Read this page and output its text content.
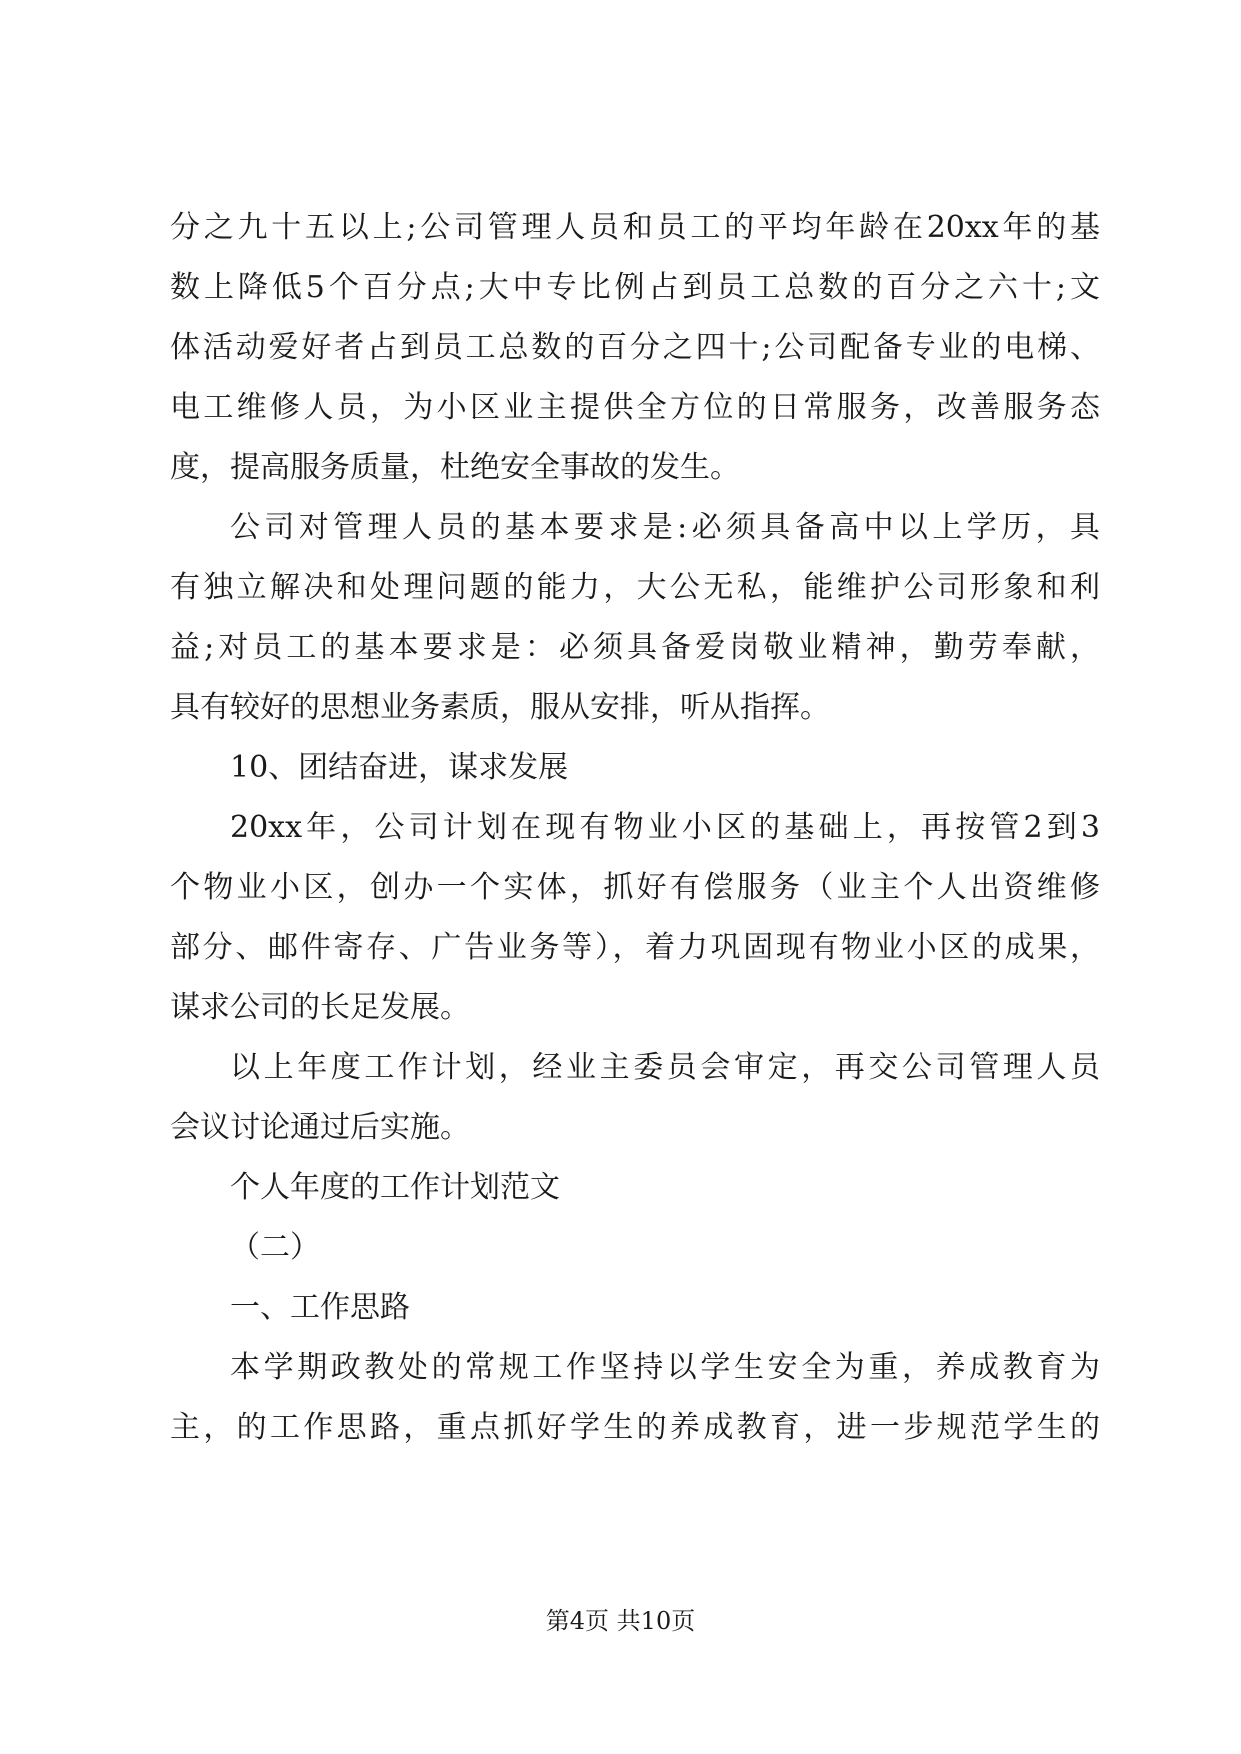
分之九十五以上;公司管理人员和员工的平均年龄在20xx年的基
数上降低5个百分点;大中专比例占到员工总数的百分之六十;文
体活动爱好者占到员工总数的百分之四十;公司配备专业的电梯、
电工维修人员，为小区业主提供全方位的日常服务，改善服务态
度，提高服务质量，杜绝安全事故的发生。
公司对管理人员的基本要求是:必须具备高中以上学历，具
有独立解决和处理问题的能力，大公无私，能维护公司形象和利
益;对员工的基本要求是：必须具备爱岗敬业精神，勤劳奉献，
具有较好的思想业务素质，服从安排，听从指挥。
10、团结奋进，谋求发展
20xx年，公司计划在现有物业小区的基础上，再按管2到3
个物业小区，创办一个实体，抓好有偿服务（业主个人出资维修
部分、邮件寄存、广告业务等），着力巩固现有物业小区的成果，
谋求公司的长足发展。
以上年度工作计划，经业主委员会审定，再交公司管理人员
会议讨论通过后实施。
个人年度的工作计划范文
（二）
一、工作思路
本学期政教处的常规工作坚持以学生安全为重，养成教育为
主，的工作思路，重点抓好学生的养成教育，进一步规范学生的
第4页 共10页
